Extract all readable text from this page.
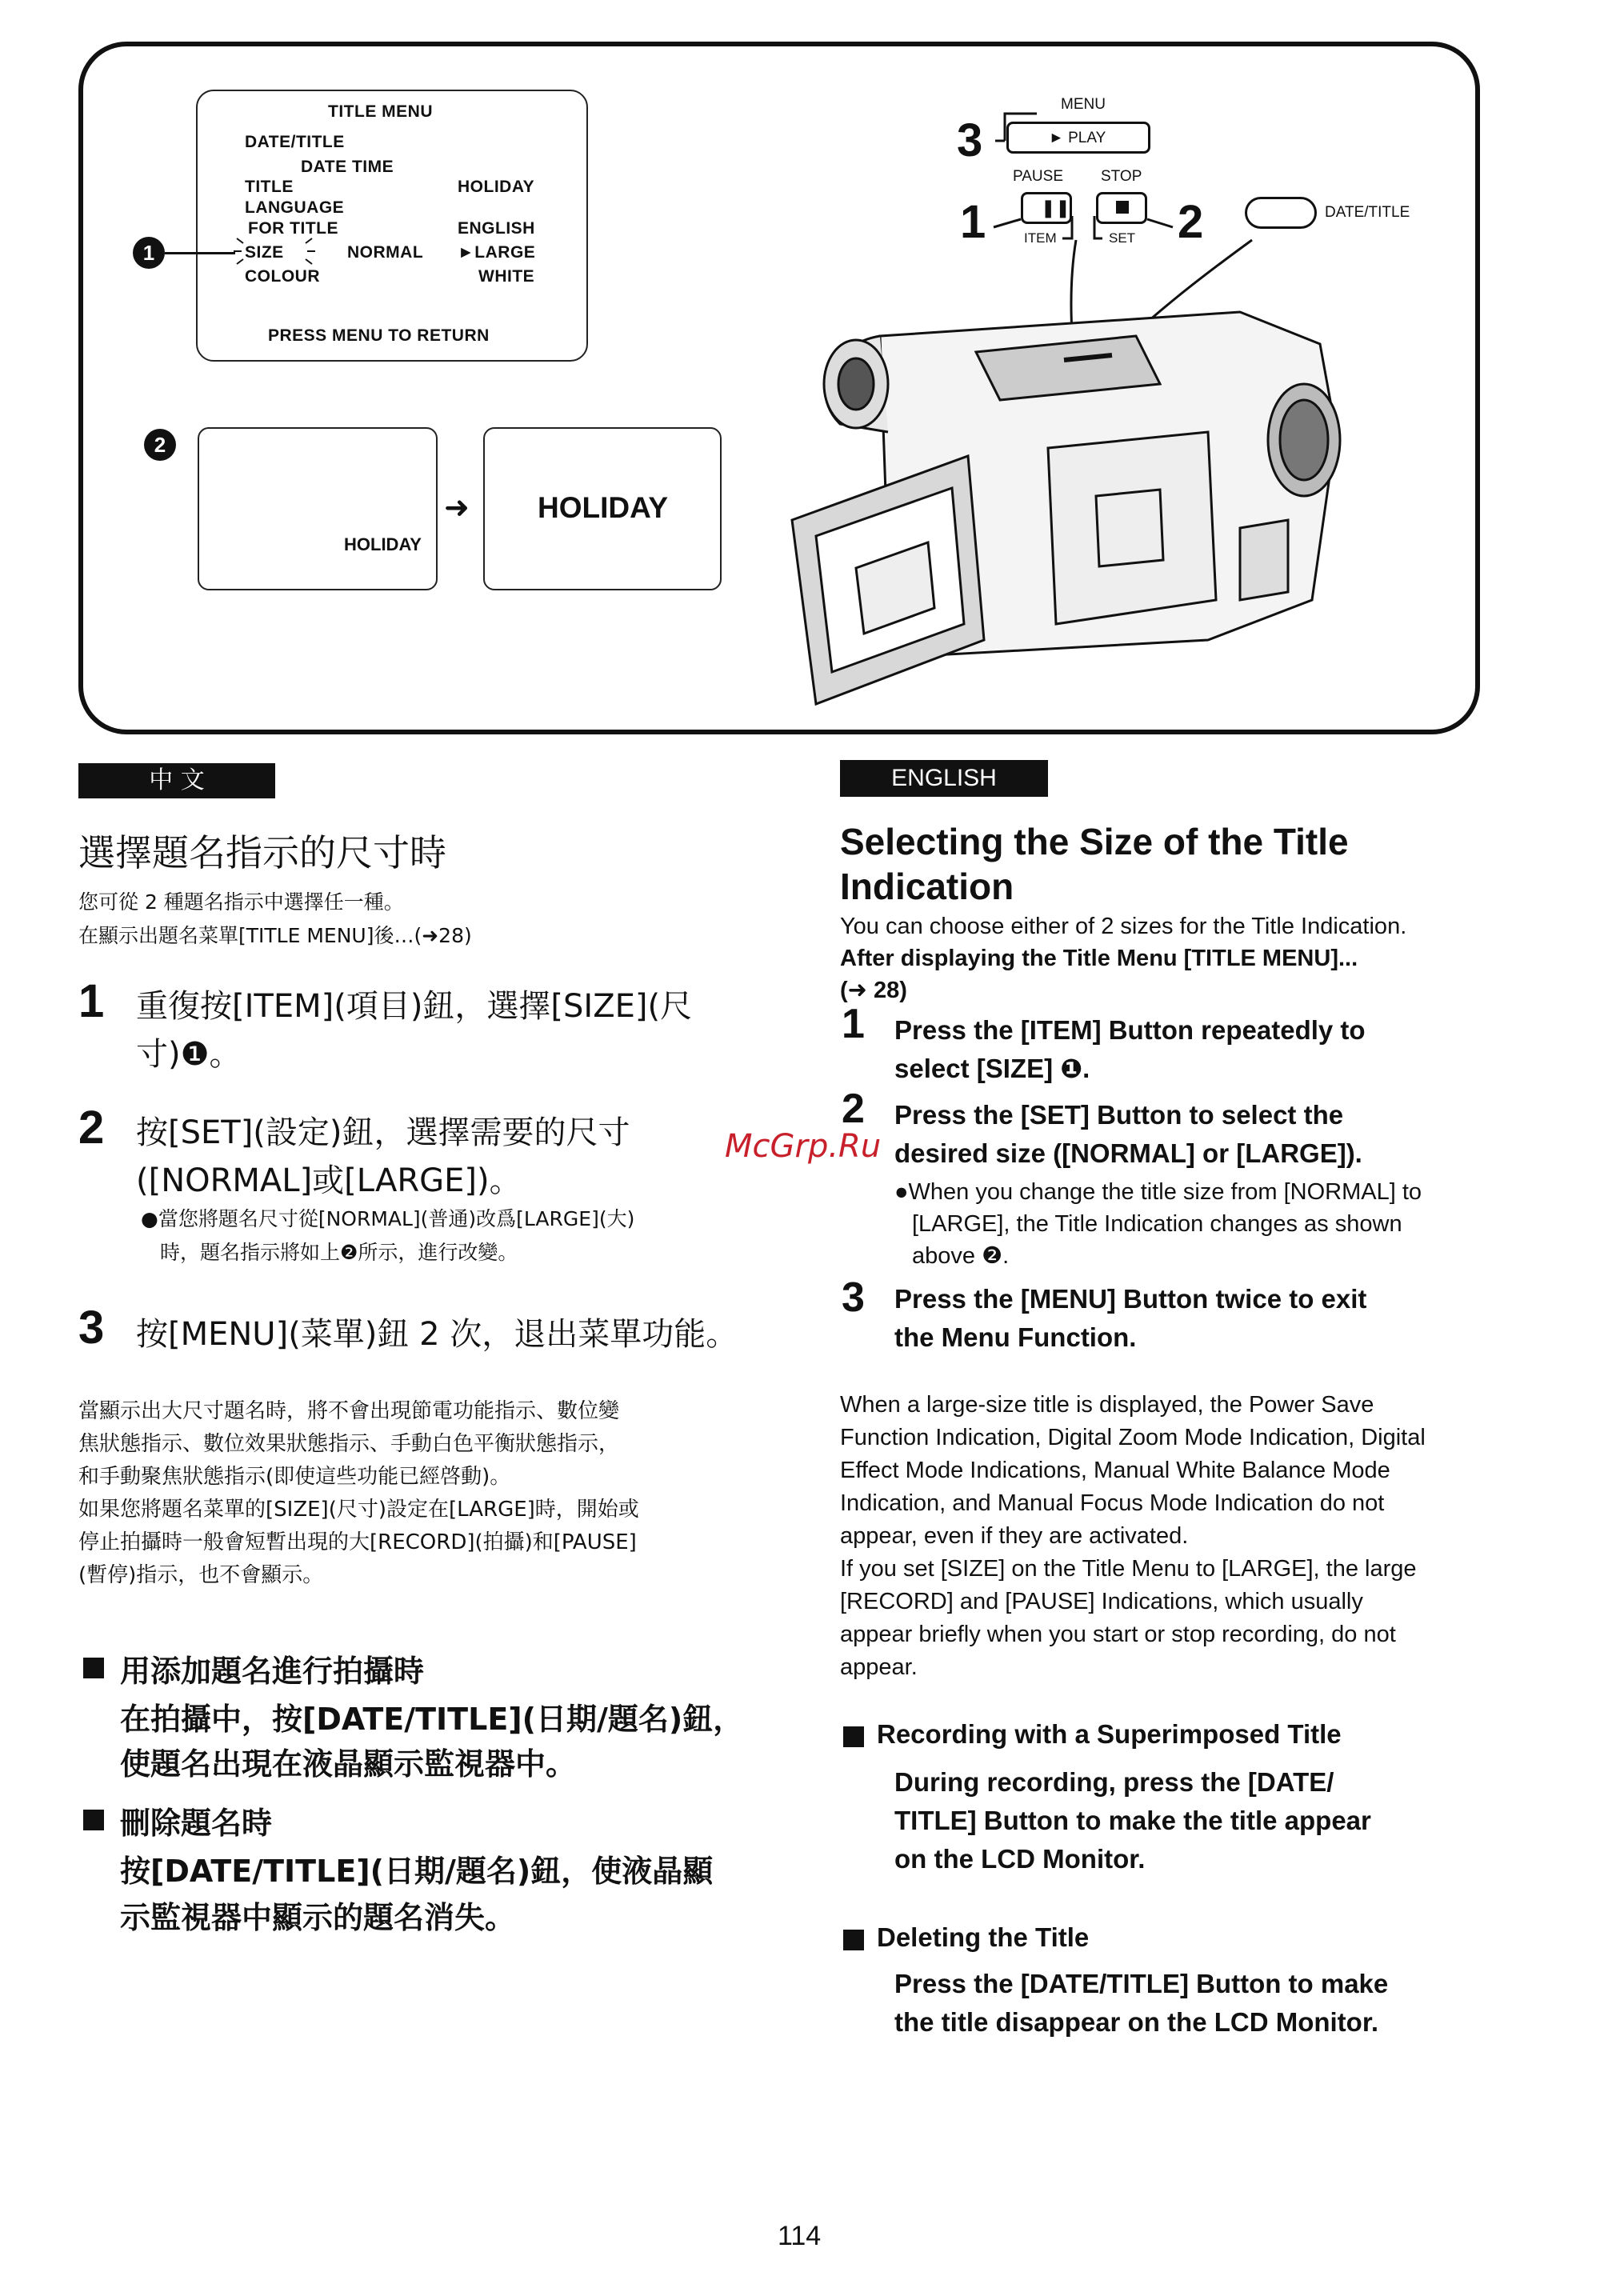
TITLE MENU
DATE/TITLE
DATE TIME
TITLE	HOLIDAY
LANGUAGE
FOR TITLE	ENGLISH
SIZE	NORMAL ►LARGE
COLOUR	WHITE
PRESS MENU TO RETURN
1
2
HOLIDAY
➜ HOLIDAY
3
MENU
► PLAY
PAUSE STOP
1	❚❚
ITEM	SET 2	DATE/TITLE
中 文
選擇題名指示的尺寸時
您可從 2 種題名指示中選擇任一種。
在顯示出題名菜單[TITLE MENU]後…(➜28)
1 重復按[ITEM](項目)鈕，選擇[SIZE](尺
寸)❶。
2 按[SET](設定)鈕，選擇需要的尺寸
([NORMAL]或[LARGE])。
●當您將題名尺寸從[NORMAL](普通)改爲[LARGE](大)
時，題名指示將如上❷所示，進行改變。
3 按[MENU](菜單)鈕 2 次，退出菜單功能。
當顯示出大尺寸題名時，將不會出現節電功能指示、數位變
焦狀態指示、數位效果狀態指示、手動白色平衡狀態指示，
和手動聚焦狀態指示(即使這些功能已經啓動)。
如果您將題名菜單的[SIZE](尺寸)設定在[LARGE]時，開始或
停止拍攝時一般會短暫出現的大[RECORD](拍攝)和[PAUSE]
(暫停)指示，也不會顯示。
用添加題名進行拍攝時
在拍攝中，按[DATE/TITLE](日期/題名)鈕，
使題名出現在液晶顯示監視器中。
刪除題名時
按[DATE/TITLE](日期/題名)鈕，使液晶顯
示監視器中顯示的題名消失。
McGrp.Ru
ENGLISH
Selecting the Size of the Title
Indication
You can choose either of 2 sizes for the Title Indication.
After displaying the Title Menu [TITLE MENU]...
(➜ 28)
1 Press the [ITEM] Button repeatedly to
select [SIZE] ❶.
2 Press the [SET] Button to select the
desired size ([NORMAL] or [LARGE]).
●When you change the title size from [NORMAL] to
[LARGE], the Title Indication changes as shown
above ❷.
3 Press the [MENU] Button twice to exit
the Menu Function.
When a large-size title is displayed, the Power Save
Function Indication, Digital Zoom Mode Indication, Digital
Effect Mode Indications, Manual White Balance Mode
Indication, and Manual Focus Mode Indication do not
appear, even if they are activated.
If you set [SIZE] on the Title Menu to [LARGE], the large
[RECORD] and [PAUSE] Indications, which usually
appear briefly when you start or stop recording, do not
appear.
Recording with a Superimposed Title
During recording, press the [DATE/
TITLE] Button to make the title appear
on the LCD Monitor.
Deleting the Title
Press the [DATE/TITLE] Button to make
the title disappear on the LCD Monitor.
114
